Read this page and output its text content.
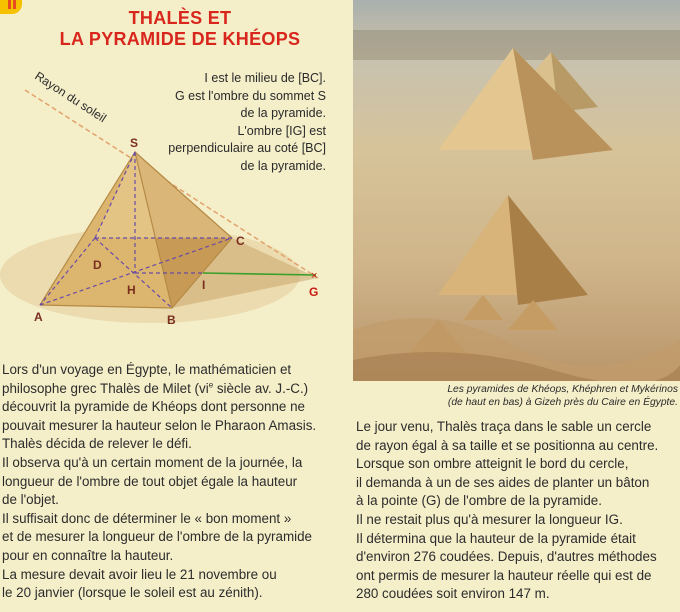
THALÈS ET
LA PYRAMIDE DE KHÉOPS
×
Rayon du soleil
S
C
D
H	I
A	B
G
I est le milieu de [BC].
G est l'ombre du sommet S
de la pyramide.
L'ombre [IG] est
perpendiculaire au coté [BC]
de la pyramide.
Les pyramides de Khéops, Khéphren et Mykérinos
(de haut en bas) à Gizeh près du Caire en Égypte.

Lors d'un voyage en Égypte, le mathématicien et

philosophe grec Thalès de Milet ($vi^e$ siècle av. J.-C.)

découvrit la pyramide de Khéops dont personne ne

pouvait mesurer la hauteur selon le Pharaon Amasis.

Thalès décida de relever le défi.

Il observa qu'à un certain moment de la journée, la

longueur de l'ombre de tout objet égale la hauteur

de l'objet.

Il suffisait donc de déterminer le « bon moment »

et de mesurer la longueur de l'ombre de la pyramide

pour en connaître la hauteur.

La mesure devait avoir lieu le 21 novembre ou

le 20 janvier (lorsque le soleil est au zénith).

Le jour venu, Thalès traça dans le sable un cercle

de rayon égal à sa taille et se positionna au centre.

Lorsque son ombre atteignit le bord du cercle,

il demanda à un de ses aides de planter un bâton

à la pointe (G) de l'ombre de la pyramide.

Il ne restait plus qu'à mesurer la longueur IG.

Il détermina que la hauteur de la pyramide était

d'environ 276 coudées. Depuis, d'autres méthodes

ont permis de mesurer la hauteur réelle qui est de

280 coudées soit environ 147 m.
